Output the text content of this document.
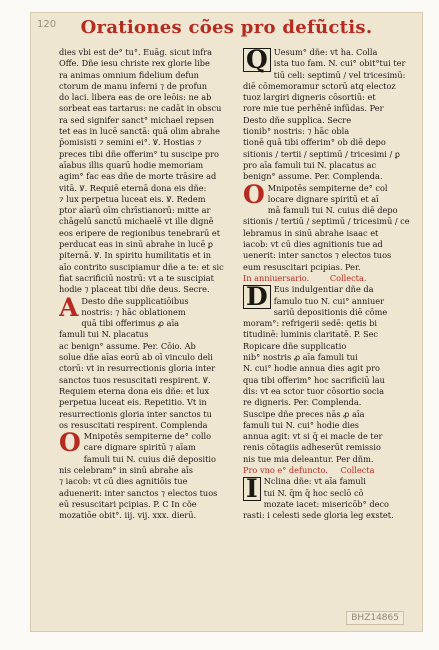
120	Orationes cões pro defũctis.

dies vbi est de° tu°. Euāg. sicut infra

Offe. Dñe iesu christe rex glorie libe

ra animas omnium fidelium defun

ctorum de manu inferni ⁊ de profun

do laci. libera eas de ore leōis: ne ab

sorbeat eas tartarus: ne cadāt in obscu

ra sed signifer sanct° michael repsen

tet eas in lucē sanctā: quā olim abrahe

p̄omisisti ⁊ semini ei°. Ꝟ. Hostias ⁊

preces tibi dñe offerim° tu suscipe pro

aīabus illis quarū hodie memoriam

agim° fac eas dñe de morte trāsire ad

vitā. Ꝟ. Requiē eternā dona eis dñe:

⁊ lux perpetua luceat eis. Ꝟ. Redem

ptor aīarū oīm chrīstianorū: mitte ar

chāgelū sanctū michaelē vt ille dignē

eos eripere de regionibus tenebrarū et

perducat eas in sinū abrahe in lucē ꝑ

piternā. Ꝟ. In spiritu humilitatis et in

aīo contrito suscipiamur dñe a te: et sic

fiat sacrificiū nostrū: vt a te suscipiat

hodie ⁊ placeat tibi dñe deus. Secre.

A Desto dñe supplicatiōibus

nostris: ⁊ hāc oblationem

quā tibi offerimus ꝓ aīa

famuli tui N. placatus

ac benign° assume. Per. Cōio. Ab

solue dñe aīas eorū ab oī vinculo deli

ctorū: vt in resurrectionis gloria inter

sanctos tuos resuscitati respirent. Ꝟ.

Requiem eterna dona eis dñe: et lux

perpetua luceat eis. Repetitio. Vt in

resurrectionis gloria inter sanctos tu

os resuscitati respirent. Complenda

O Mnipotēs sempiterne de° collo

care dignare spiritū ⁊ aīam

famuli tui N. cuius diē depositio

nis celebram° in sinū abrahe aīs

⁊ iacob: vt cū dies agnitiōis tue

aduenerit: inter sanctos ⁊ electos tuos

eū resuscitari pcipias. P. C In cõe

mozatiōe obit°. iij. vij. xxx. dierū.

Q Uesum° dñe: vt ha. Colla

ista tuo fam. N. cui° obit°tui ter

tiū celi: septimū / vel tricesimū:

diē cōmemoramur sctorū atq electoz

tuoz largiri digneris cōsortiū: et

rore mie tue perhēnē infūdas. Per

Desto dñe supplica. Secre

tionib° nostris: ⁊ hāc obla

tionē quā tibi offerim° ob diē depo

sitionis / tertii / septimū / tricesimi / ꝑ

pro aīa famuli tui N. placatus ac

benign° assume. Per. Complenda.

O Mnipotēs sempiterne de° col

locare dignare spiritū et aī

mā famuli tui N. cuius diē depo

sitionis / tertiū / septimū / tricesimū / ce

lebramus in sinū abrahe isaac et

iacob: vt cū dies agnitionis tue ad

uenerit: inter sanctos ⁊ electos tuos

eum resuscitari pcipias. Per.

In anniuersario.	Collecta.

D Eus indulgentiar dñe da

famulo tuo N. cui° anniuer

sariū depositionis diē cōme

moram°: refrigerii sedē: qetis bi

titudinē: luminis claritatē. P. Sec

Ropicare dñe supplicatio

nib° nostris ꝓ aīa famuli tui

N. cui° hodie annua dies agit pro

qua tibi offerim° hoc sacrificiū lau

dis: vt ea sctor tuor cōsortio socia

re digneris. Per. Complenda.

Suscipe dñe preces nās ꝓ aīa

famuli tui N. cui° hodie dies

annua agit: vt si q̄ ei macle de ter

renis cōtagiis adheserūt remissio

nis tue mia deleantur. Per dñm.

Pro vno e° defuncto. Collecta

I Nclina dñe: vt aīa famuli

tui N. q̄m q̄ hoc seclō cō

mozate iacet: misericōb° deco

rasti: i celesti sede gloria leg exstet.

BHZ14865
